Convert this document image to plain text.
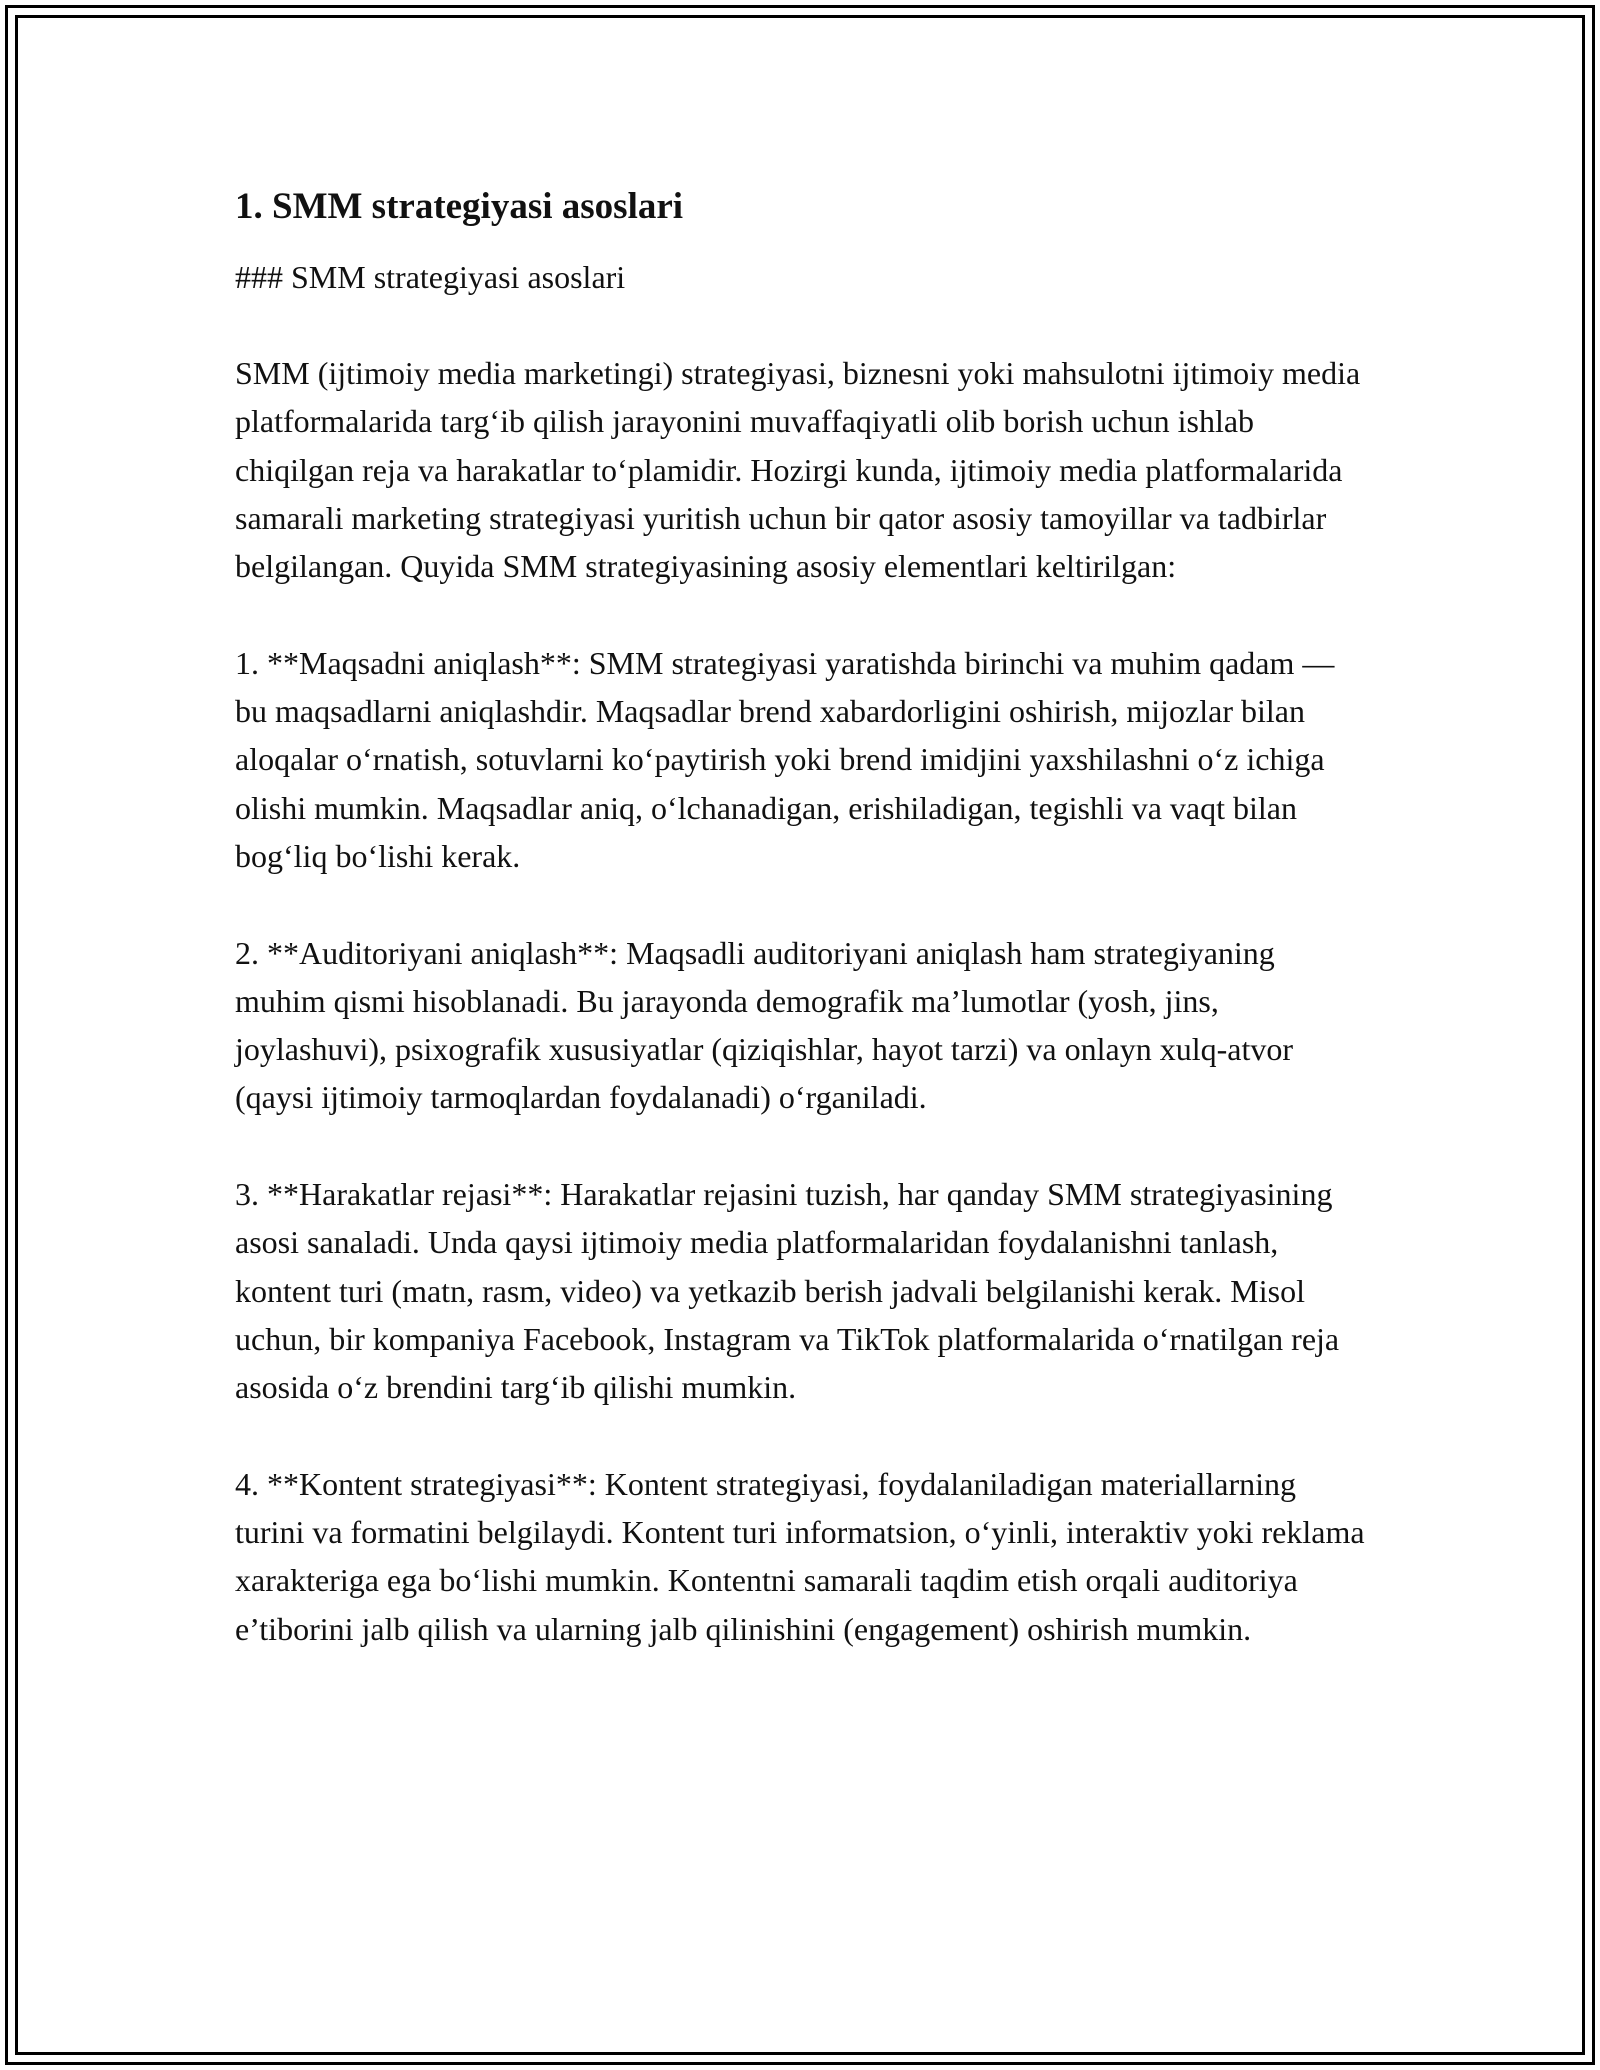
1. SMM strategiyasi asoslari

### SMM strategiyasi asoslari

SMM (ijtimoiy media marketingi) strategiyasi, biznesni yoki mahsulotni ijtimoiy media platformalarida targ‘ib qilish jarayonini muvaffaqiyatli olib borish uchun ishlab chiqilgan reja va harakatlar to‘plamidir. Hozirgi kunda, ijtimoiy media platformalarida samarali marketing strategiyasi yuritish uchun bir qator asosiy tamoyillar va tadbirlar belgilangan. Quyida SMM strategiyasining asosiy elementlari keltirilgan:

1. **Maqsadni aniqlash**: SMM strategiyasi yaratishda birinchi va muhim qadam — bu maqsadlarni aniqlashdir. Maqsadlar brend xabardorligini oshirish, mijozlar bilan aloqalar o‘rnatish, sotuvlarni ko‘paytirish yoki brend imidjini yaxshilashni o‘z ichiga olishi mumkin. Maqsadlar aniq, o‘lchanadigan, erishiladigan, tegishli va vaqt bilan bog‘liq bo‘lishi kerak.

2. **Auditoriyani aniqlash**: Maqsadli auditoriyani aniqlash ham strategiyaning muhim qismi hisoblanadi. Bu jarayonda demografik ma’lumotlar (yosh, jins, joylashuvi), psixografik xususiyatlar (qiziqishlar, hayot tarzi) va onlayn xulq-atvor (qaysi ijtimoiy tarmoqlardan foydalanadi) o‘rganiladi.

3. **Harakatlar rejasi**: Harakatlar rejasini tuzish, har qanday SMM strategiyasining asosi sanaladi. Unda qaysi ijtimoiy media platformalaridan foydalanishni tanlash, kontent turi (matn, rasm, video) va yetkazib berish jadvali belgilanishi kerak. Misol uchun, bir kompaniya Facebook, Instagram va TikTok platformalarida o‘rnatilgan reja asosida o‘z brendini targ‘ib qilishi mumkin.

4. **Kontent strategiyasi**: Kontent strategiyasi, foydalaniladigan materiallarning turini va formatini belgilaydi. Kontent turi informatsion, o‘yinli, interaktiv yoki reklama xarakteriga ega bo‘lishi mumkin. Kontentni samarali taqdim etish orqali auditoriya e’tiborini jalb qilish va ularning jalb qilinishini (engagement) oshirish mumkin.
